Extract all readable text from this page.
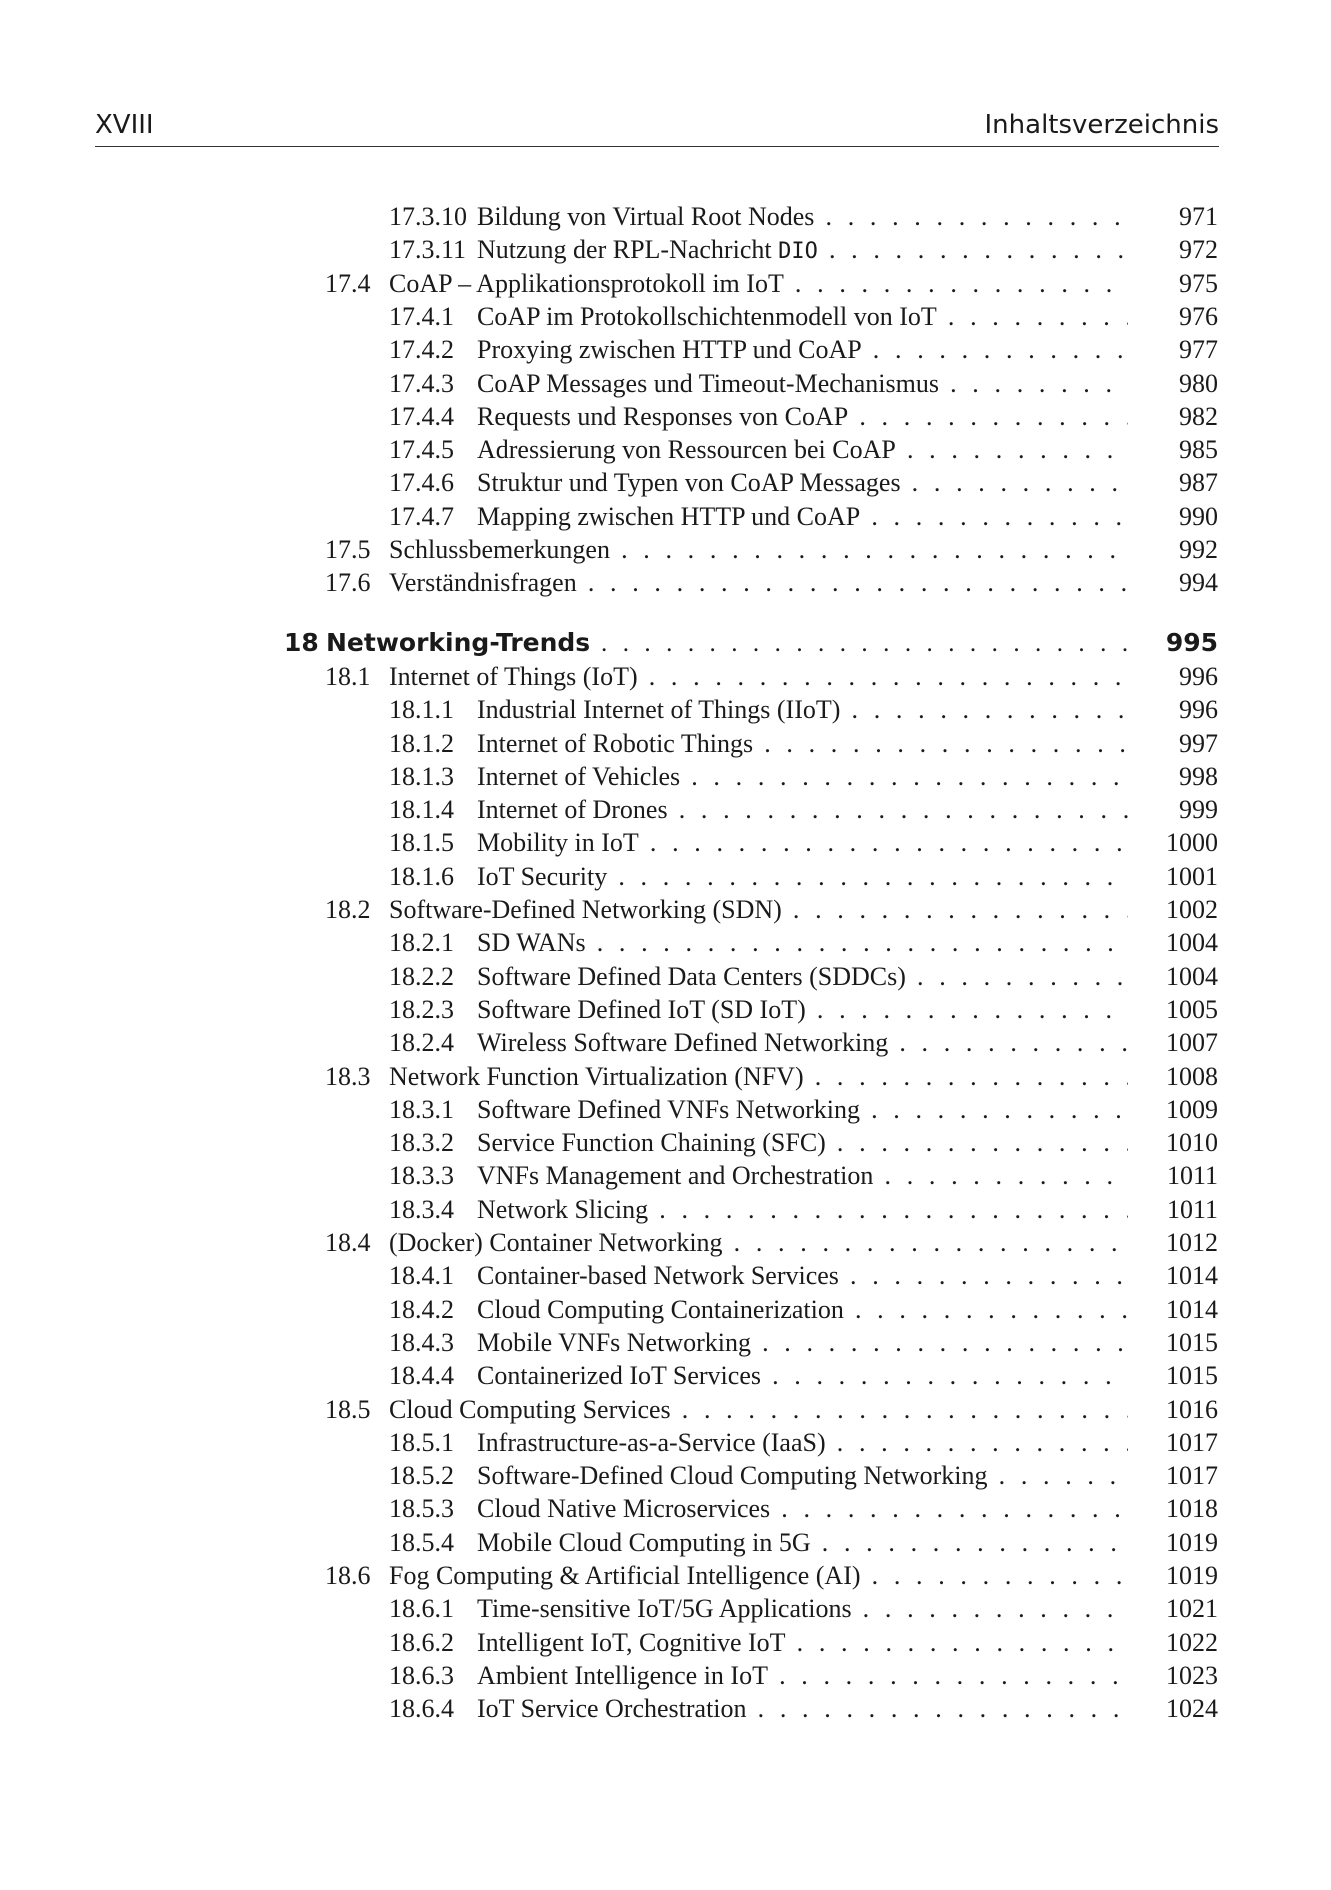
XVIII	Inhaltsverzeichnis
17.3.10 Bildung von Virtual Root Nodes . . .	971
17.3.11 Nutzung der RPL-Nachricht DIO . . .	972
17.4 CoAP – Applikationsprotokoll im IoT . . .	975
17.4.1 CoAP im Protokollschichtenmodell von IoT . . .	976
17.4.2 Proxying zwischen HTTP und CoAP . . .	977
17.4.3 CoAP Messages und Timeout-Mechanismus . . .	980
17.4.4 Requests und Responses von CoAP . . .	982
17.4.5 Adressierung von Ressourcen bei CoAP . . .	985
17.4.6 Struktur und Typen von CoAP Messages . . .	987
17.4.7 Mapping zwischen HTTP und CoAP . . .	990
17.5 Schlussbemerkungen . . .	992
17.6 Verständnisfragen . . .	994
18 Networking-Trends . . .	995
18.1 Internet of Things (IoT) . . .	996
18.1.1 Industrial Internet of Things (IIoT) . . .	996
18.1.2 Internet of Robotic Things . . .	997
18.1.3 Internet of Vehicles . . .	998
18.1.4 Internet of Drones . . .	999
18.1.5 Mobility in IoT . . .	1000
18.1.6 IoT Security . . .	1001
18.2 Software-Defined Networking (SDN) . . .	1002
18.2.1 SD WANs . . .	1004
18.2.2 Software Defined Data Centers (SDDCs) . . .	1004
18.2.3 Software Defined IoT (SD IoT) . . .	1005
18.2.4 Wireless Software Defined Networking . . .	1007
18.3 Network Function Virtualization (NFV) . . .	1008
18.3.1 Software Defined VNFs Networking . . .	1009
18.3.2 Service Function Chaining (SFC) . . .	1010
18.3.3 VNFs Management and Orchestration . . .	1011
18.3.4 Network Slicing . . .	1011
18.4 (Docker) Container Networking . . .	1012
18.4.1 Container-based Network Services . . .	1014
18.4.2 Cloud Computing Containerization . . .	1014
18.4.3 Mobile VNFs Networking . . .	1015
18.4.4 Containerized IoT Services . . .	1015
18.5 Cloud Computing Services . . .	1016
18.5.1 Infrastructure-as-a-Service (IaaS) . . .	1017
18.5.2 Software-Defined Cloud Computing Networking . . .	1017
18.5.3 Cloud Native Microservices . . .	1018
18.5.4 Mobile Cloud Computing in 5G . . .	1019
18.6 Fog Computing & Artificial Intelligence (AI) . . .	1019
18.6.1 Time-sensitive IoT/5G Applications . . .	1021
18.6.2 Intelligent IoT, Cognitive IoT . . .	1022
18.6.3 Ambient Intelligence in IoT . . .	1023
18.6.4 IoT Service Orchestration . . .	1024
